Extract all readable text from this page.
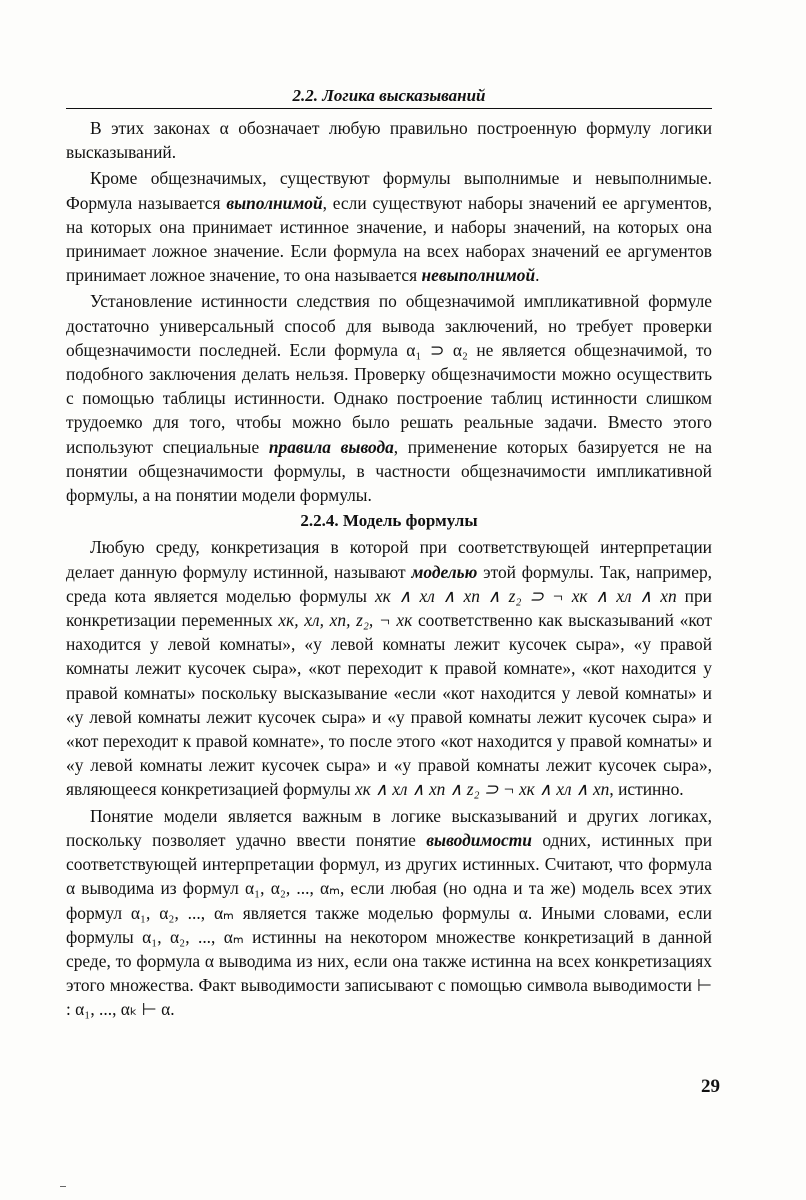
2.2. Логика высказываний

В этих законах α обозначает любую правильно построенную формулу логики высказываний.

Кроме общезначимых, существуют формулы выполнимые и невыполнимые. Формула называется выполнимой, если существуют наборы значений ее аргументов, на которых она принимает истинное значение, и наборы значений, на которых она принимает ложное значение. Если формула на всех наборах значений ее аргументов принимает ложное значение, то она называется невыполнимой.

Установление истинности следствия по общезначимой импликативной формуле достаточно универсальный способ для вывода заключений, но требует проверки общезначимости последней. Если формула α₁ ⊃ α₂ не является общезначимой, то подобного заключения делать нельзя. Проверку общезначимости можно осуществить с помощью таблицы истинности. Однако построение таблиц истинности слишком трудоемко для того, чтобы можно было решать реальные задачи. Вместо этого используют специальные правила вывода, применение которых базируется не на понятии общезначимости формулы, в частности общезначимости импликативной формулы, а на понятии модели формулы.

2.2.4. Модель формулы

Любую среду, конкретизация в которой при соответствующей интерпретации делает данную формулу истинной, называют моделью этой формулы. Так, например, среда кота является моделью формулы xк ∧ xл ∧ xп ∧ z₂ ⊃ ¬ xк ∧ xл ∧ xп при конкретизации переменных xк, xл, xп, z₂, ¬ xк соответственно как высказываний «кот находится у левой комнаты», «у левой комнаты лежит кусочек сыра», «у правой комнаты лежит кусочек сыра», «кот переходит к правой комнате», «кот находится у правой комнаты» поскольку высказывание «если «кот находится у левой комнаты» и «у левой комнаты лежит кусочек сыра» и «у правой комнаты лежит кусочек сыра» и «кот переходит к правой комнате», то после этого «кот находится у правой комнаты» и «у левой комнаты лежит кусочек сыра» и «у правой комнаты лежит кусочек сыра», являющееся конкретизацией формулы xк ∧ xл ∧ xп ∧ z₂ ⊃ ¬ xк ∧ xл ∧ xп, истинно.

Понятие модели является важным в логике высказываний и других логиках, поскольку позволяет удачно ввести понятие выводимости одних, истинных при соответствующей интерпретации формул, из других истинных. Считают, что формула α выводима из формул α₁, α₂, ..., αₘ, если любая (но одна и та же) модель всех этих формул α₁, α₂, ..., αₘ является также моделью формулы α. Иными словами, если формулы α₁, α₂, ..., αₘ истинны на некотором множестве конкретизаций в данной среде, то формула α выводима из них, если она также истинна на всех конкретизациях этого множества. Факт выводимости записывают с помощью символа выводимости ⊢ : α₁, ..., αₖ ⊢ α.

29
